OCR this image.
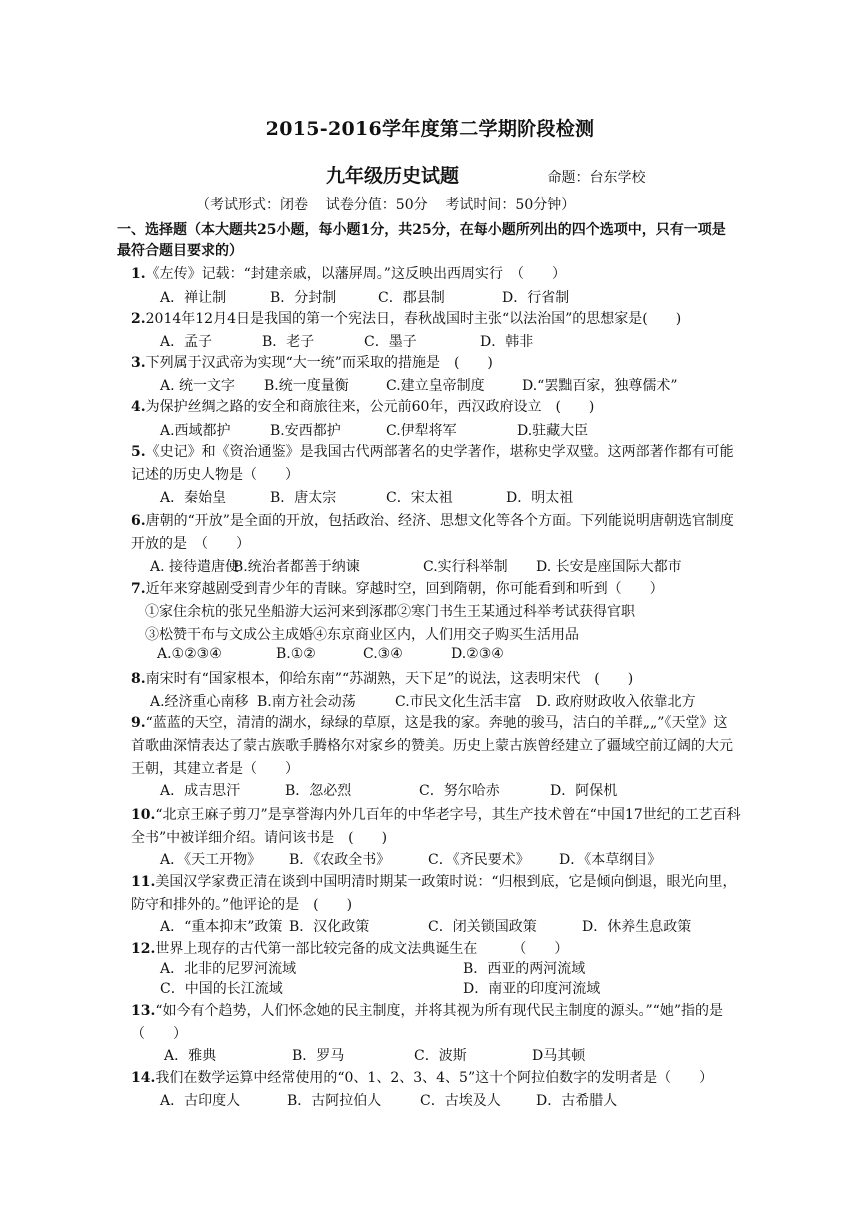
2015-2016学年度第二学期阶段检测
九年级历史试题	命题：台东学校
（考试形式：闭卷    试卷分值：50分    考试时间：50分钟）
一、选择题（本大题共25小题，每小题1分，共25分，在每小题所列出的四个选项中，只有一项是最符合题目要求的）
1.《左传》记载：“封建亲戚，以藩屏周。”这反映出西周实行　（　　）
A．禅让制	B．分封制	C．郡县制	D．行省制
2.2014年12月4日是我国的第一个宪法日，春秋战国时主张“以法治国”的思想家是(　　)
A．孟子	B．老子	C．墨子	D．韩非
3.下列属于汉武帝为实现“大一统”而采取的措施是　(　　)
A. 统一文字 B.统一度量衡	C.建立皇帝制度	D.“罢黜百家，独尊儒术”
4.为保护丝绸之路的安全和商旅往来，公元前60年，西汉政府设立　(　　)
A.西域都护	B.安西都护	C.伊犁将军	D.驻藏大臣
5.《史记》和《资治通鉴》是我国古代两部著名的史学著作，堪称史学双璧。这两部著作都有可能记述的历史人物是（　　）
A．秦始皇	B．唐太宗	C．宋太祖	D．明太祖
6.唐朝的“开放”是全面的开放，包括政治、经济、思想文化等各个方面。下列能说明唐朝选官制度开放的是　（　　）
A. 接待遣唐使
B.统治者都善于纳谏	C.实行科举制 D. 长安是座国际大都市
7.近年来穿越剧受到青少年的青睐。穿越时空，回到隋朝，你可能看到和听到（　　）
①家住余杭的张兄坐船游大运河来到涿郡②寒门书生王某通过科举考试获得官职
③松赞干布与文成公主成婚④东京商业区内，人们用交子购买生活用品
A.①②③④	B.①②	C.③④	D.②③④
8.南宋时有“国家根本，仰给东南”“苏湖熟，天下足”的说法，这表明宋代　(　　)
A.经济重心南移 B.南方社会动荡	C.市民文化生活丰富 D. 政府财政收入依靠北方
9.“蓝蓝的天空，清清的湖水，绿绿的草原，这是我的家。奔驰的骏马，洁白的羊群„„”《天堂》这首歌曲深情表达了蒙古族歌手腾格尔对家乡的赞美。历史上蒙古族曾经建立了疆域空前辽阔的大元王朝，其建立者是（　　）
A．成吉思汗	B．忽必烈	C．努尔哈赤	D．阿保机
10.“北京王麻子剪刀”是享誉海内外几百年的中华老字号，其生产技术曾在“中国17世纪的工艺百科全书”中被详细介绍。请问该书是　(　　)
A．《天工开物》 B．《农政全书》	C．《齐民要术》 D．《本草纲目》
11.美国汉学家费正清在谈到中国明清时期某一政策时说：“归根到底，它是倾向倒退，眼光向里，防守和排外的。”他评论的是　(　　)
A．“重本抑末”政策 B．汉化政策	C．闭关锁国政策	D．休养生息政策
12.世界上现存的古代第一部比较完备的成文法典诞生在　　　（　　）
A．北非的尼罗河流域	B．西亚的两河流域
C．中国的长江流域	D．南亚的印度河流域
13.“如今有个趋势，人们怀念她的民主制度，并将其视为所有现代民主制度的源头。”“她”指的是（　　）
A．雅典	B．罗马	C．波斯	D马其顿
14.我们在数学运算中经常使用的“0、1、2、3、4、5”这十个阿拉伯数字的发明者是（　　）
A．古印度人	B．古阿拉伯人	C．古埃及人	D．古希腊人
